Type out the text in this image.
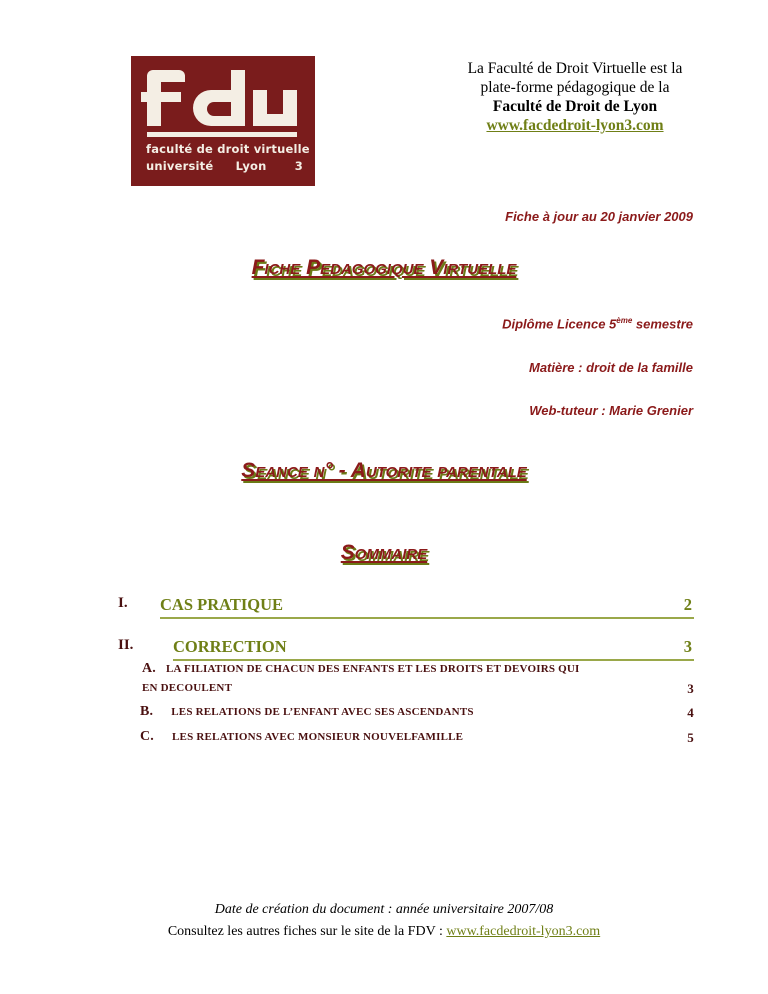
faculté de droit virtuelle
université Lyon 3
La Faculté de Droit Virtuelle est la
plate-forme pédagogique de la
Faculté de Droit de Lyon
www.facdedroit-lyon3.com
Fiche à jour au 20 janvier 2009
Fiche Pedagogique Virtuelle
Diplôme Licence 5ème semestre
Matière : droit de la famille
Web-tuteur : Marie Grenier
Seance n° - Autorite parentale
Sommaire
I. CAS PRATIQUE	2
II. CORRECTION	3
A. LA FILIATION DE CHACUN DES ENFANTS ET LES DROITS ET DEVOIRS QUI
EN DECOULENT	3
B. LES RELATIONS DE L’ENFANT AVEC SES ASCENDANTS	4
C. LES RELATIONS AVEC MONSIEUR NOUVELFAMILLE	5
Date de création du document : année universitaire 2007/08
Consultez les autres fiches sur le site de la FDV : www.facdedroit-lyon3.com
